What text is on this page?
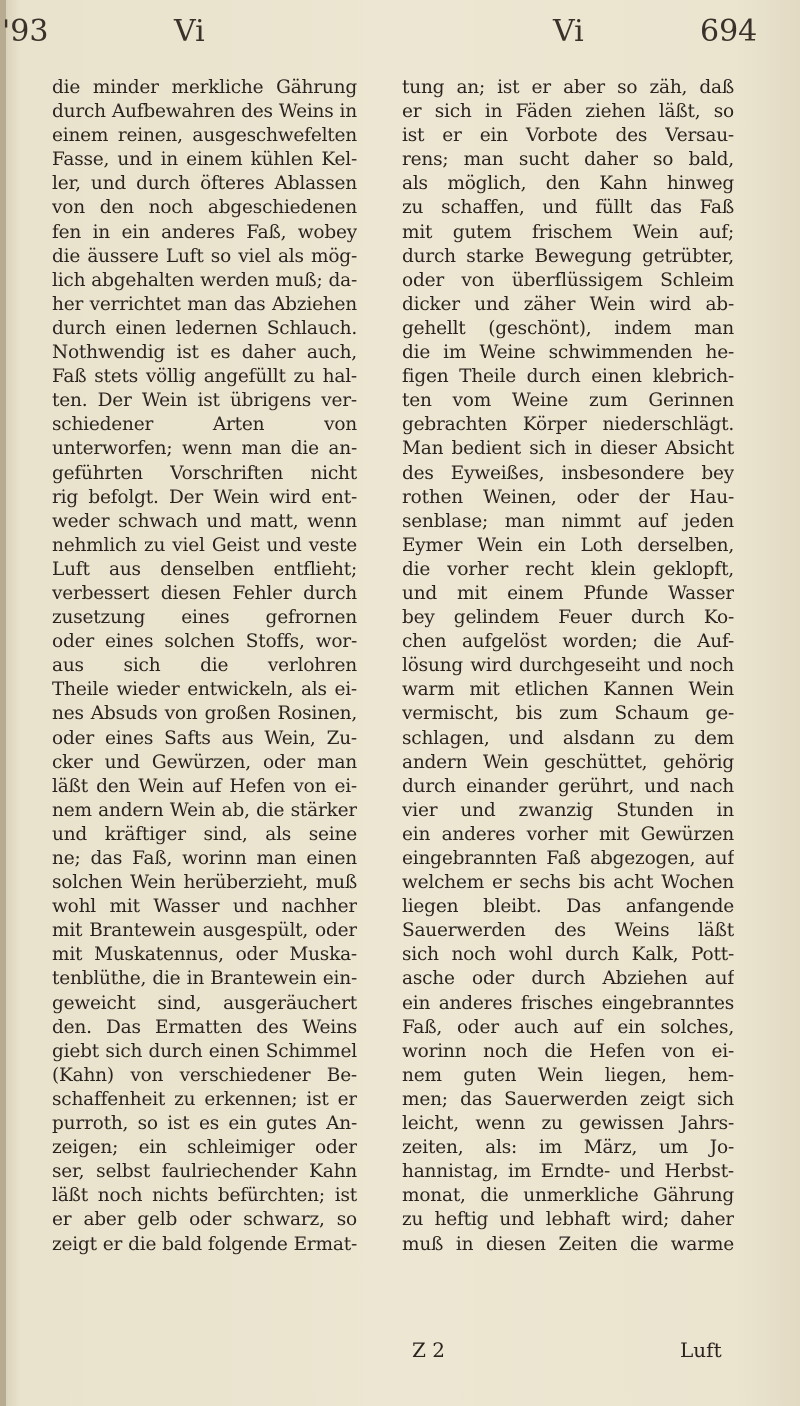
'93	Vi	Vi	694
die minder merkliche Gährung
durch Aufbewahren des Weins in
einem reinen, ausgeschwefelten
Fasse, und in einem kühlen Kel-
ler, und durch öfteres Ablassen
von den noch abgeschiedenen
fen in ein anderes Faß, wobey
die äussere Luft so viel als mög-
lich abgehalten werden muß; da-
her verrichtet man das Abziehen
durch einen ledernen Schlauch.
Nothwendig ist es daher auch,
Faß stets völlig angefüllt zu hal-
ten. Der Wein ist übrigens ver-
schiedener Arten von
unterworfen; wenn man die an-
geführten Vorschriften nicht
rig befolgt. Der Wein wird ent-
weder schwach und matt, wenn
nehmlich zu viel Geist und veste
Luft aus denselben entflieht;
verbessert diesen Fehler durch
zusetzung eines gefrornen
oder eines solchen Stoffs, wor-
aus sich die verlohren
Theile wieder entwickeln, als ei-
nes Absuds von großen Rosinen,
oder eines Safts aus Wein, Zu-
cker und Gewürzen, oder man
läßt den Wein auf Hefen von ei-
nem andern Wein ab, die stärker
und kräftiger sind, als seine
ne; das Faß, worinn man einen
solchen Wein herüberzieht, muß
wohl mit Wasser und nachher
mit Brantewein ausgespült, oder
mit Muskatennus, oder Muska-
tenblüthe, die in Brantewein ein-
geweicht sind, ausgeräuchert
den. Das Ermatten des Weins
giebt sich durch einen Schimmel
(Kahn) von verschiedener Be-
schaffenheit zu erkennen; ist er
purroth, so ist es ein gutes An-
zeigen; ein schleimiger oder
ser, selbst faulriechender Kahn
läßt noch nichts befürchten; ist
er aber gelb oder schwarz, so
zeigt er die bald folgende Ermat-
tung an; ist er aber so zäh, daß
er sich in Fäden ziehen läßt, so
ist er ein Vorbote des Versau-
rens; man sucht daher so bald,
als möglich, den Kahn hinweg
zu schaffen, und füllt das Faß
mit gutem frischem Wein auf;
durch starke Bewegung getrübter,
oder von überflüssigem Schleim
dicker und zäher Wein wird ab-
gehellt (geschönt), indem man
die im Weine schwimmenden he-
figen Theile durch einen klebrich-
ten vom Weine zum Gerinnen
gebrachten Körper niederschlägt.
Man bedient sich in dieser Absicht
des Eyweißes, insbesondere bey
rothen Weinen, oder der Hau-
senblase; man nimmt auf jeden
Eymer Wein ein Loth derselben,
die vorher recht klein geklopft,
und mit einem Pfunde Wasser
bey gelindem Feuer durch Ko-
chen aufgelöst worden; die Auf-
lösung wird durchgeseiht und noch
warm mit etlichen Kannen Wein
vermischt, bis zum Schaum ge-
schlagen, und alsdann zu dem
andern Wein geschüttet, gehörig
durch einander gerührt, und nach
vier und zwanzig Stunden in
ein anderes vorher mit Gewürzen
eingebrannten Faß abgezogen, auf
welchem er sechs bis acht Wochen
liegen bleibt. Das anfangende
Sauerwerden des Weins läßt
sich noch wohl durch Kalk, Pott-
asche oder durch Abziehen auf
ein anderes frisches eingebranntes
Faß, oder auch auf ein solches,
worinn noch die Hefen von ei-
nem guten Wein liegen, hem-
men; das Sauerwerden zeigt sich
leicht, wenn zu gewissen Jahrs-
zeiten, als: im März, um Jo-
hannistag, im Erndte- und Herbst-
monat, die unmerkliche Gährung
zu heftig und lebhaft wird; daher
muß in diesen Zeiten die warme
Z 2	Luft
